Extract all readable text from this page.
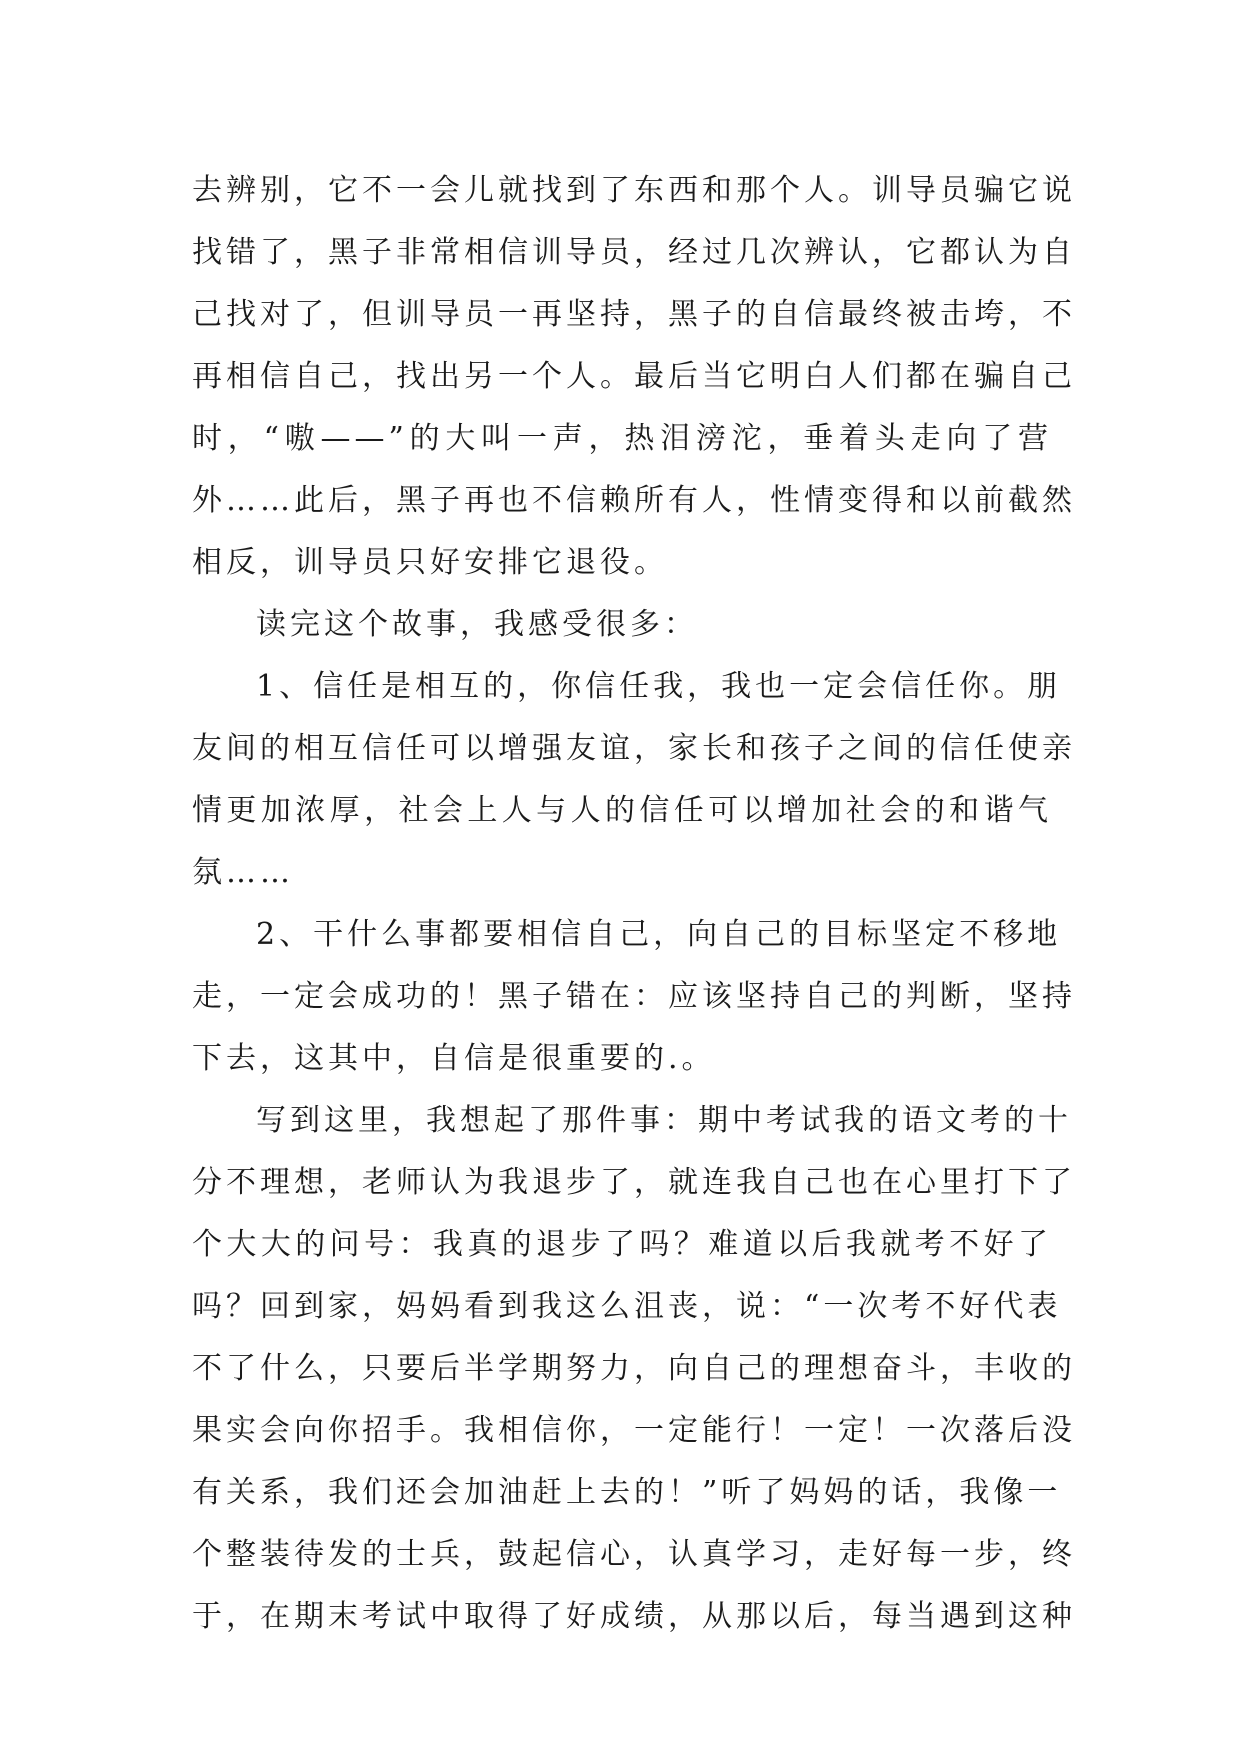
去辨别，它不一会儿就找到了东西和那个人。训导员骗它说
找错了，黑子非常相信训导员，经过几次辨认，它都认为自
己找对了，但训导员一再坚持，黑子的自信最终被击垮，不
再相信自己，找出另一个人。最后当它明白人们都在骗自己
时，“嗷——”的大叫一声，热泪滂沱，垂着头走向了营
外……此后，黑子再也不信赖所有人，性情变得和以前截然
相反，训导员只好安排它退役。
读完这个故事，我感受很多：
1、信任是相互的，你信任我，我也一定会信任你。朋
友间的相互信任可以增强友谊，家长和孩子之间的信任使亲
情更加浓厚，社会上人与人的信任可以增加社会的和谐气
氛……
2、干什么事都要相信自己，向自己的目标坚定不移地
走，一定会成功的！黑子错在：应该坚持自己的判断，坚持
下去，这其中，自信是很重要的.。
写到这里，我想起了那件事：期中考试我的语文考的十
分不理想，老师认为我退步了，就连我自己也在心里打下了
个大大的问号：我真的退步了吗？难道以后我就考不好了
吗？回到家，妈妈看到我这么沮丧，说：“一次考不好代表
不了什么，只要后半学期努力，向自己的理想奋斗，丰收的
果实会向你招手。我相信你，一定能行！一定！一次落后没
有关系，我们还会加油赶上去的！”听了妈妈的话，我像一
个整装待发的士兵，鼓起信心，认真学习，走好每一步，终
于，在期末考试中取得了好成绩，从那以后，每当遇到这种
